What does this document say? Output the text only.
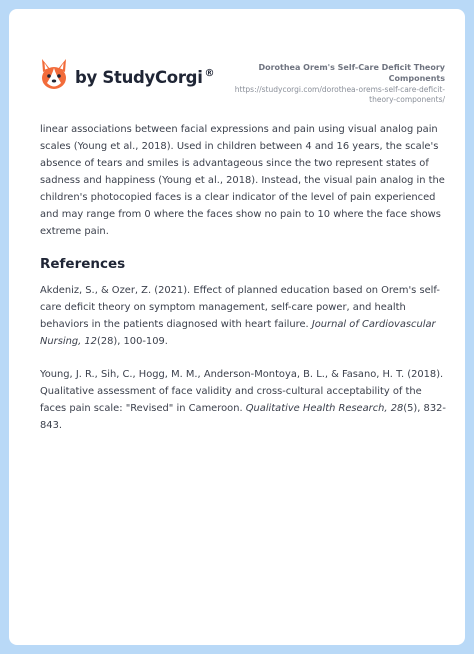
by StudyCorgi ®	Dorothea Orem's Self-Care Deficit Theory Components
https://studycorgi.com/dorothea-orems-self-care-deficit-theory-components/

linear associations between facial expressions and pain using visual analog pain scales (Young et al., 2018). Used in children between 4 and 16 years, the scale's absence of tears and smiles is advantageous since the two represent states of sadness and happiness (Young et al., 2018). Instead, the visual pain analog in the children's photocopied faces is a clear indicator of the level of pain experienced and may range from 0 where the faces show no pain to 10 where the face shows extreme pain.

References

Akdeniz, S., & Ozer, Z. (2021). Effect of planned education based on Orem's self-care deficit theory on symptom management, self-care power, and health behaviors in the patients diagnosed with heart failure. Journal of Cardiovascular Nursing, 12(28), 100-109.

Young, J. R., Sih, C., Hogg, M. M., Anderson-Montoya, B. L., & Fasano, H. T. (2018). Qualitative assessment of face validity and cross-cultural acceptability of the faces pain scale: "Revised" in Cameroon. Qualitative Health Research, 28(5), 832-843.
